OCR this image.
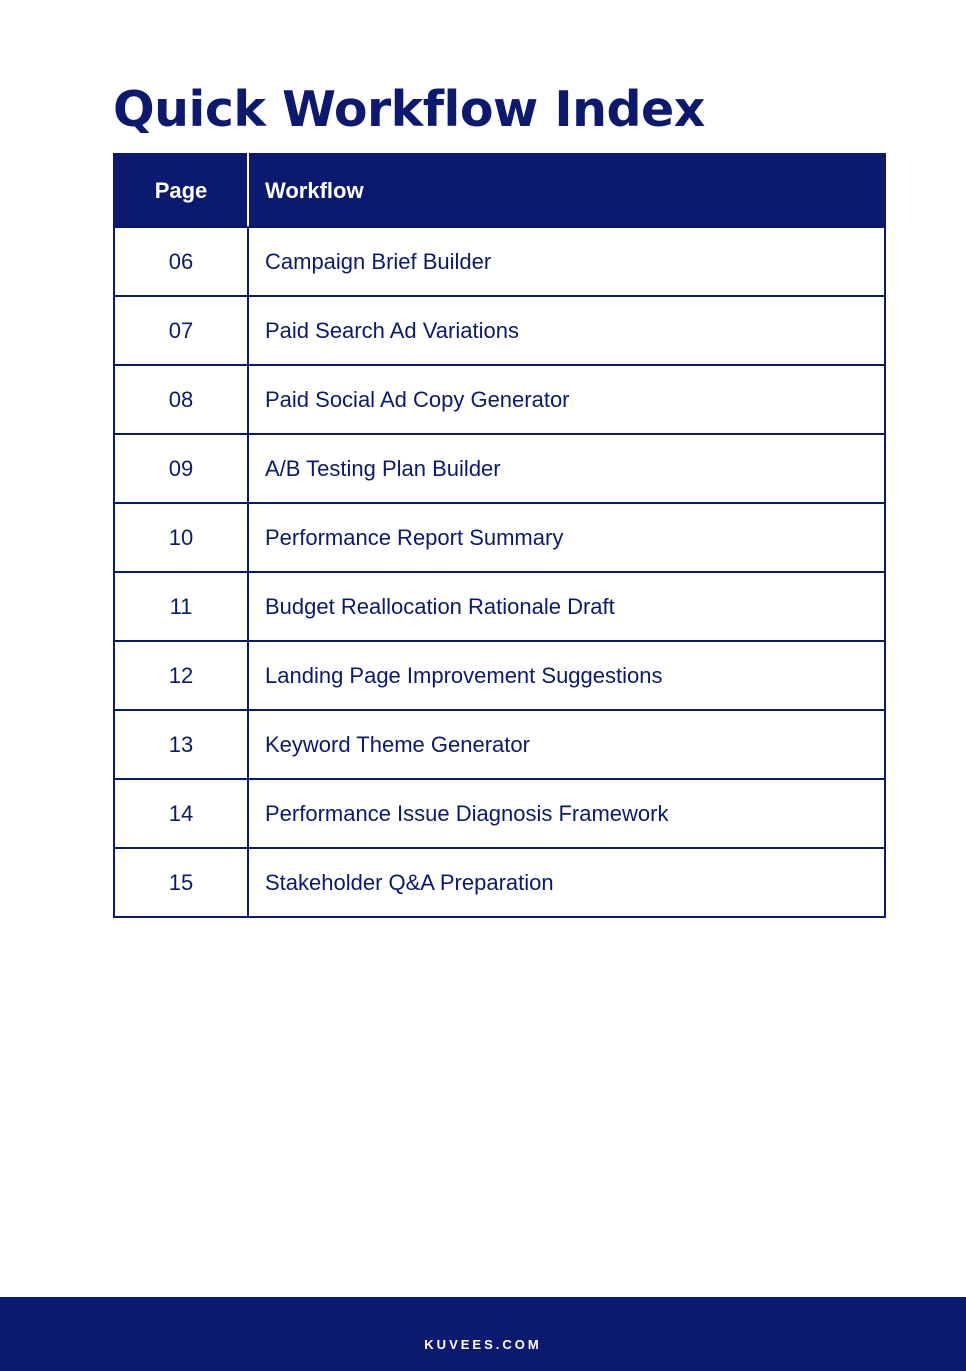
Quick Workflow Index
Page	Workflow
06	Campaign Brief Builder
07	Paid Search Ad Variations
08	Paid Social Ad Copy Generator
09	A/B Testing Plan Builder
10	Performance Report Summary
11	Budget Reallocation Rationale Draft
12	Landing Page Improvement Suggestions
13	Keyword Theme Generator
14	Performance Issue Diagnosis Framework
15	Stakeholder Q&A Preparation
KUVEES.COM
